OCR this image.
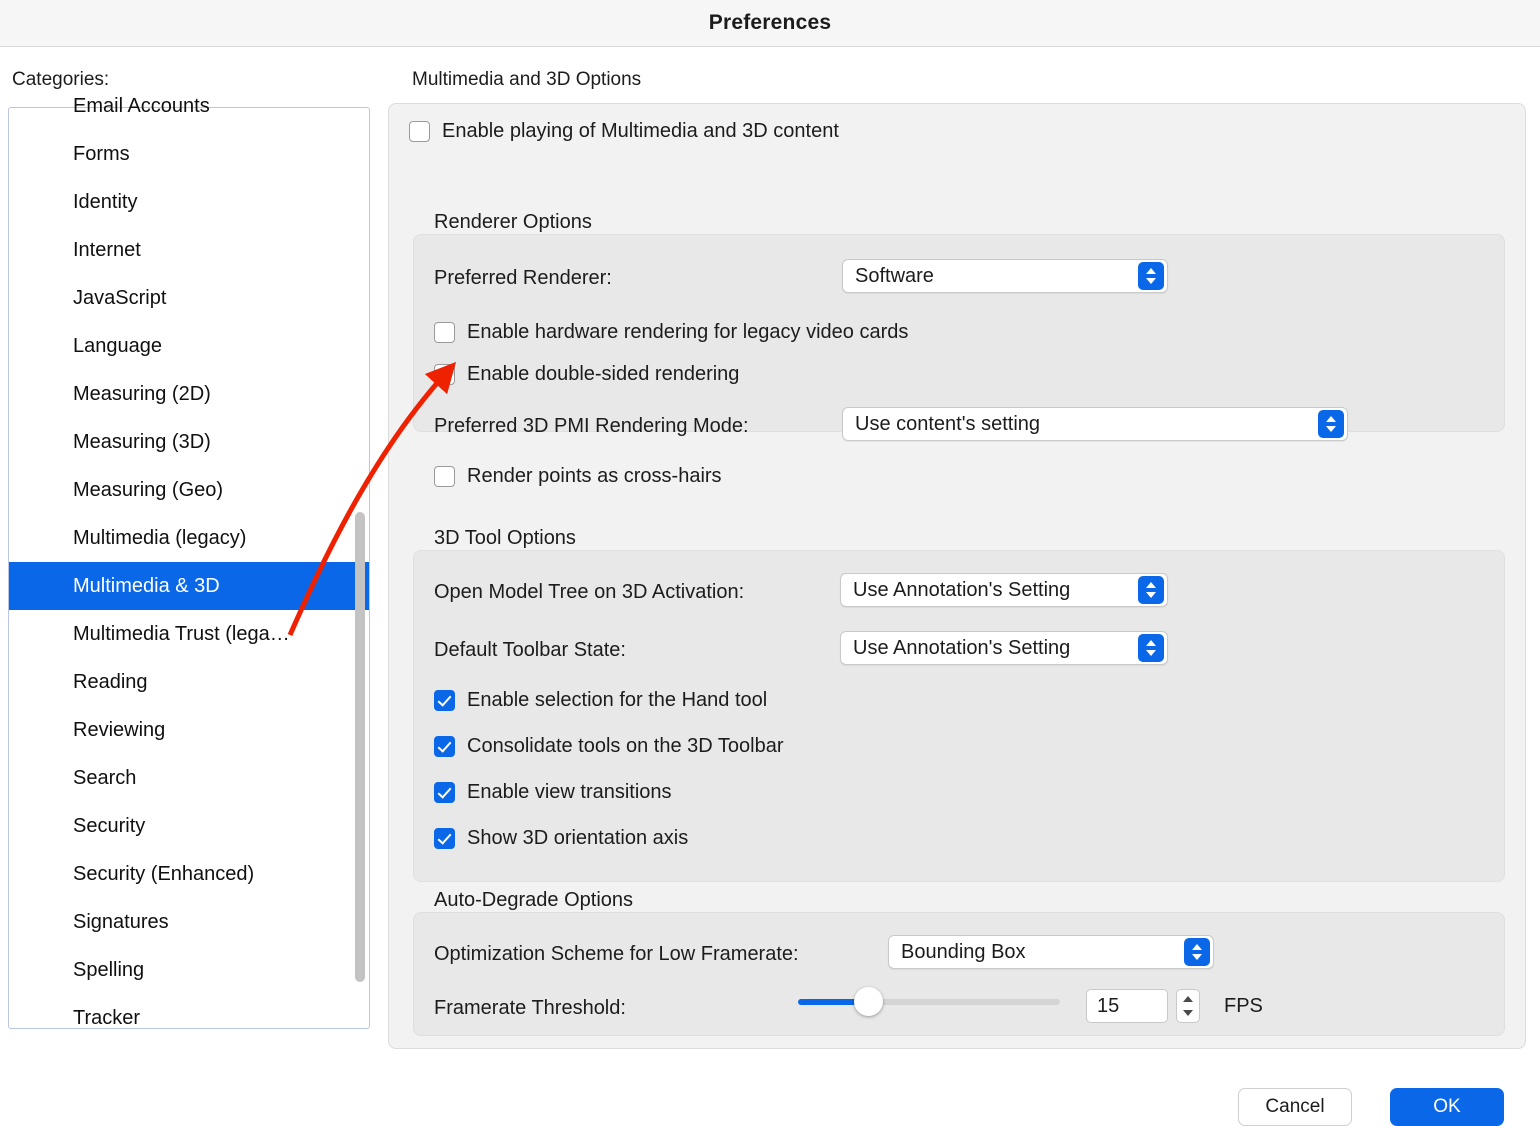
Preferences
Categories:	Multimedia and 3D Options
Email Accounts
Forms
Identity
Internet
JavaScript
Language
Measuring (2D)
Measuring (3D)
Measuring (Geo)
Multimedia (legacy)
Multimedia & 3D
Multimedia Trust (lega…
Reading
Reviewing
Search
Security
Security (Enhanced)
Signatures
Spelling
Tracker
Enable playing of Multimedia and 3D content
Renderer Options
3D Tool Options
Auto-Degrade Options
Preferred Renderer:	Software
Enable hardware rendering for legacy video cards
Enable double-sided rendering
Preferred 3D PMI Rendering Mode:	Use content's setting
Render points as cross-hairs
Open Model Tree on 3D Activation:	Use Annotation's Setting
Default Toolbar State:	Use Annotation's Setting
Enable selection for the Hand tool
Consolidate tools on the 3D Toolbar
Enable view transitions
Show 3D orientation axis
Optimization Scheme for Low Framerate:	Bounding Box
Framerate Threshold:	15	FPS
Cancel	OK
